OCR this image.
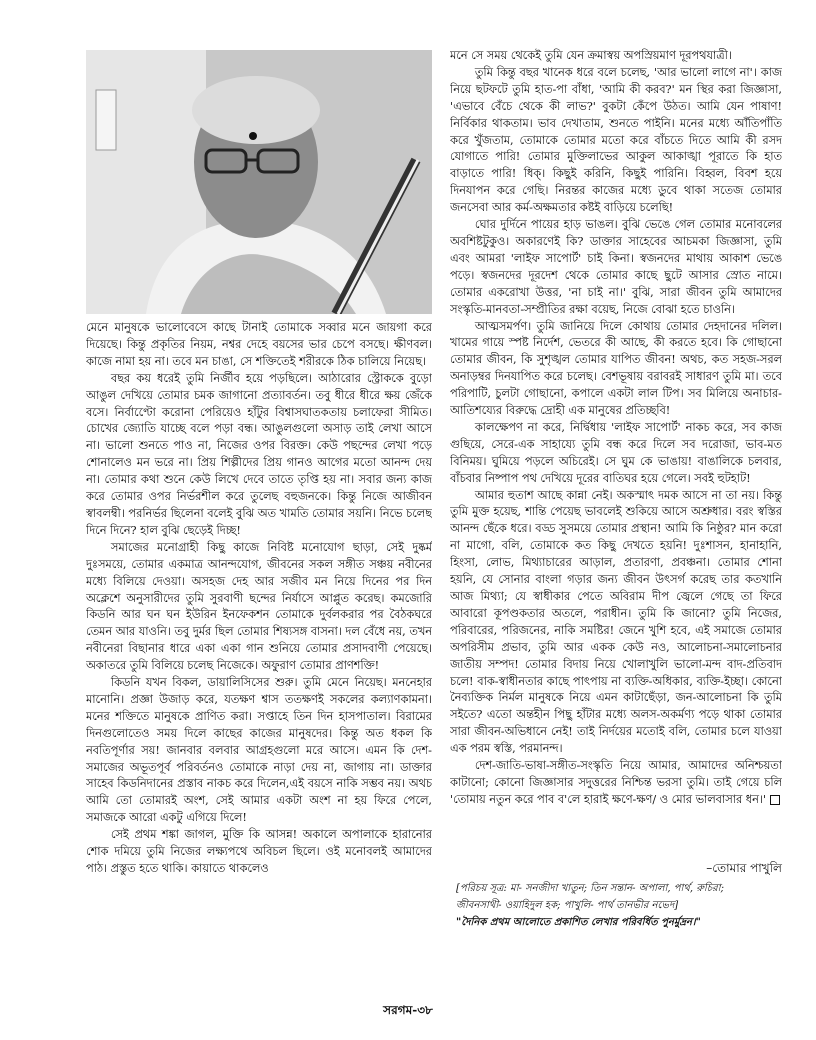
মেনে মানুষকে ভালোবেসে কাছে টানাই তোমাকে সব্বার মনে জায়গা করে দিয়েছে। কিন্তু প্রকৃতির নিয়ম, নশ্বর দেহে বয়সের ভার চেপে বসছে। ক্ষীণবল। কাজে নামা হয় না। তবে মন চাঙা, সে শক্তিতেই শরীরকে ঠিক চালিয়ে নিয়েছ।

বছর কয় ধরেই তুমি নির্জীব হয়ে পড়ছিলে। আঠারোর স্ট্রোককে বুড়ো আঙুল দেখিয়ে তোমার চমক জাগানো প্রত্যাবর্তন। তবু ধীরে ধীরে ক্ষয় জেঁকে বসে। নির্বাণ্টোে করোনা পেরিয়েও হাঁটুর বিশ্বাসঘাতকতায় চলাফেরা সীমিত। চোখের জ্যোতি যাচ্ছে বলে পড়া বন্ধ। আঙুলগুলো অসাড় তাই লেখা আসে না। ভালো শুনতে পাও না, নিজের ওপর বিরক্ত। কেউ পছন্দের লেখা পড়ে শোনালেও মন ভরে না। প্রিয় শিল্পীদের প্রিয় গানও আগের মতো আনন্দ দেয় না। তোমার কথা শুনে কেউ লিখে দেবে তাতে তৃপ্তি হয় না। সবার জন্য কাজ করে তোমার ওপর নির্ভরশীল করে তুলেছ বহুজনকে। কিন্তু নিজে আজীবন স্বাবলম্বী। পরনির্ভর ছিলেনা বলেই বুঝি অত খামতি তোমার সয়নি। নিভে চলেছ দিনে দিনে? হাল বুঝি ছেড়েই দিচ্ছ!

সমাজের মনোগ্রাহী কিছু কাজে নিবিষ্ট মনোযোগ ছাড়া, সেই দুষ্কর্ম দুঃসময়ে, তোমার একমাত্র আনন্দযোগ, জীবনের সকল সঙ্গীত সঞ্চয় নবীনের মধ্যে বিলিয়ে দেওয়া। অসহজ দেহ আর সজীব মন নিয়ে দিনের পর দিন অক্লেশে অনুসারীদের তুমি সুরবাণী ছন্দের নির্যাসে আপ্লুত করেছ। কমজোরি কিডনি আর ঘন ঘন ইউরিন ইনফেকশন তোমাকে দুর্বলকরার পর বৈঠকঘরে তেমন আর যাওনি। তবু দুর্মর ছিল তোমার শিষ্যসঙ্গ বাসনা। দল বেঁধে নয়, তখন নবীনেরা বিছানার ধারে একা একা গান শুনিয়ে তোমার প্রসাদবাণী পেয়েছে। অকাতরে তুমি বিলিয়ে চলেছ নিজেকে। অফুরাণ তোমার প্রাণশক্তি!

কিডনি যখন বিকল, ডায়ালিসিসের শুরু। তুমি মেনে নিয়েছ। মননেহার মানোনি। প্রজ্ঞা উজাড় করে, যতক্ষণ শ্বাস ততক্ষণই সকলের কল্যাণকামনা। মনের শক্তিতে মানুষকে প্রাণিত করা। সপ্তাহে তিন দিন হাসপাতাল। বিরামের দিনগুলোতেও সময় দিলে কাছের কাজের মানুষদের। কিন্তু অত ধকল কি নবতিপূর্ণার সয়! জানবার বলবার আগ্রহগুলো মরে আসে। এমন কি দেশ-সমাজের অভূতপূর্ব পরিবর্তনও তোমাকে নাড়া দেয় না, জাগায় না। ডাক্তার সাহেব কিডনিদানের প্রস্তাব নাকচ করে দিলেন,এই বয়সে নাকি সম্ভব নয়। অথচ আমি তো তোমারই অংশ, সেই আমার একটা অংশ না হয় ফিরে পেলে, সমাজকে আরো একটু এগিয়ে দিলে!

সেই প্রথম শঙ্কা জাগল, মুক্তি কি আসন্ন! অকালে অপালাকে হারানোর শোক দমিয়ে তুমি নিজের লক্ষ্যপথে অবিচল ছিলে। ওই মনোবলই আমাদের পাঠ। প্রস্তুত হতে থাকি। কায়াতে থাকলেও

মনে সে সময় থেকেই তুমি যেন ক্রমাস্বয় অপস্রিয়মাণ দূরপথযাত্রী।

তুমি কিন্তু বছর খানেক ধরে বলে চলেছ, 'আর ভালো লাগে না'। কাজ নিয়ে ছটফটে তুমি হাত-পা বাঁধা, 'আমি কী করব?' মন স্থির করা জিজ্ঞাসা, 'এভাবে বেঁচে থেকে কী লাভ?' বুকটা কেঁপে উঠত। আমি যেন পাষাণ! নির্বিকার থাকতাম। ভাব দেখাতাম, শুনতে পাইনি। মনের মধ্যে আঁতিপাঁতি করে খুঁজতাম, তোমাকে তোমার মতো করে বাঁচতে দিতে আমি কী রসদ যোগাতে পারি! তোমার মুক্তিলাভের আকুল আকাঙ্খা পূরাতে কি হাত বাড়াতে পারি! ধিক্। কিছুই করিনি, কিছুই পারিনি। বিহ্বল, বিবশ হয়ে দিনযাপন করে গেছি। নিরন্তর কাজের মধ্যে ডুবে থাকা সতেজ তোমার জনসেবা আর কর্ম-অক্ষমতার কষ্টই বাড়িয়ে চলেছি!

ঘোর দুর্দিনে পায়ের হাড় ভাঙল। বুঝি ভেঙে গেল তোমার মনোবলের অবশিষ্টটুকুও। অকারণেই কি? ডাক্তার সাহেবের আচমকা জিজ্ঞাসা, তুমি এবং আমরা 'লাইফ সাপোর্ট' চাই কিনা। স্বজনদের মাথায় আকাশ ভেঙে পড়ে। স্বজনদের দূরদেশ থেকে তোমার কাছে ছুটে আসার স্রোত নামে। তোমার একরোখা উত্তর, 'না চাই না।' বুঝি, সারা জীবন তুমি আমাদের সংস্কৃতি-মানবতা-সম্প্রীতির রক্ষা বয়েছ, নিজে বোঝা হতে চাওনি।

আত্মসমর্পণ। তুমি জানিয়ে দিলে কোথায় তোমার দেহদানের দলিল। খামের গায়ে স্পষ্ট নির্দেশ, ভেতরে কী আছে, কী করতে হবে। কি গোছানো তোমার জীবন, কি সুশৃঙ্খল তোমার যাপিত জীবন! অথচ, কত সহজ-সরল অনাড়ম্বর দিনযাপিত করে চলেছ। বেশভূষায় বরাবরই সাধারণ তুমি মা। তবে পরিপাটি, চুলটা গোছানো, কপালে একটা লাল টিপ। সব মিলিয়ে অনাচার-আতিশয্যের বিরুদ্ধে দ্রোহী এক মানুষের প্রতিচ্ছবি!

কালক্ষেপণ না করে, নির্দ্বিধায় 'লাইফ সাপোর্ট' নাকচ করে, সব কাজ গুছিয়ে, সেরে-এক সাহায্যে তুমি বন্ধ করে দিলে সব দরোজা, ভাব-মত বিনিময়। ঘুমিয়ে পড়লে অচিরেই। সে ঘুম কে ভাঙায়! বাঙালিকে চলবার, বাঁচবার নিষ্পাপ পথ দেখিয়ে দূরের বাতিঘর হয়ে গেলে। সবই হুটহাট!

আমার হুতাশ আছে কান্না নেই। অকস্মাৎ দমক আসে না তা নয়। কিন্তু তুমি মুক্ত হয়েছ, শান্তি পেয়েছ ভাবলেই শুকিয়ে আসে অশ্রুধার। বরং স্বস্তির আনন্দ ছেঁকে ধরে। বড্ড সুসময়ে তোমার প্রস্থান! আমি কি নিষ্ঠুর? মান করো না মাগো, বলি, তোমাকে কত কিছু দেখতে হয়নি! দুঃশাসন, হানাহানি, হিংসা, লোভ, মিথ্যাচারের আড়াল, প্রতারণা, প্রবঞ্চনা। তোমার শোনা হয়নি, যে সোনার বাংলা গড়ার জন্য জীবন উৎসর্গ করেছ তার কতখানি আজ মিথ্যা; যে স্বাধীকার পেতে অবিরাম দীপ জ্বেলে গেছে তা ফিরে আবারো কূপণ্ডকতার অতলে, পরাধীন। তুমি কি জানো? তুমি নিজের, পরিবারের, পরিজনের, নাকি সমষ্টির! জেনে খুশি হবে, এই সমাজে তোমার অপরিসীম প্রভাব, তুমি আর একক কেউ নও, আলোচনা-সমালোচনার জাতীয় সম্পদ! তোমার বিদায় নিয়ে খোলাখুলি ভালো-মন্দ বাদ-প্রতিবাদ চলে! বাক-স্বাধীনতার কাছে পাৎপায় না ব্যক্তি-অধিকার, ব্যক্তি-ইচ্ছা। কোনো নৈব্যক্তিক নির্মল মানুষকে নিয়ে এমন কাটাছেঁড়া, জন-আলোচনা কি তুমি সইতে? এতো অন্তহীন পিছু হাঁটার মধ্যে অলস-অকর্মণ্য পড়ে থাকা তোমার সারা জীবন-অভিধানে নেই! তাই নির্দয়ের মতোই বলি, তোমার চলে যাওয়া এক পরম স্বস্তি, পরমানন্দ।

দেশ-জাতি-ভাষা-সঙ্গীত-সংস্কৃতি নিয়ে আমার, আমাদের অনিশ্চয়তা কাটানো; কোনো জিজ্ঞাসার সদুত্তরের নিশ্চিন্ত ভরসা তুমি। তাই গেয়ে চলি 'তোমায় নতুন করে পাব ব'লে হারাই ক্ষণে-ক্ষণ/ ও মোর ভালবাসার ধন।'

–তোমার পাখুলি
[পরিচয় সূত্র: মা- সনজীদা খাতুন; তিন সন্তান- অপালা, পার্থ, রুচিরা;
জীবনসাথী- ওয়াহিদুল হক; পাখুলি- পার্থ তানভীর নভেদ]
"দৈনিক প্রথম আলোতে প্রকাশিত লেখার পরিবর্ধিত পুনর্মুদ্রন।"
সরগম-৩৮
